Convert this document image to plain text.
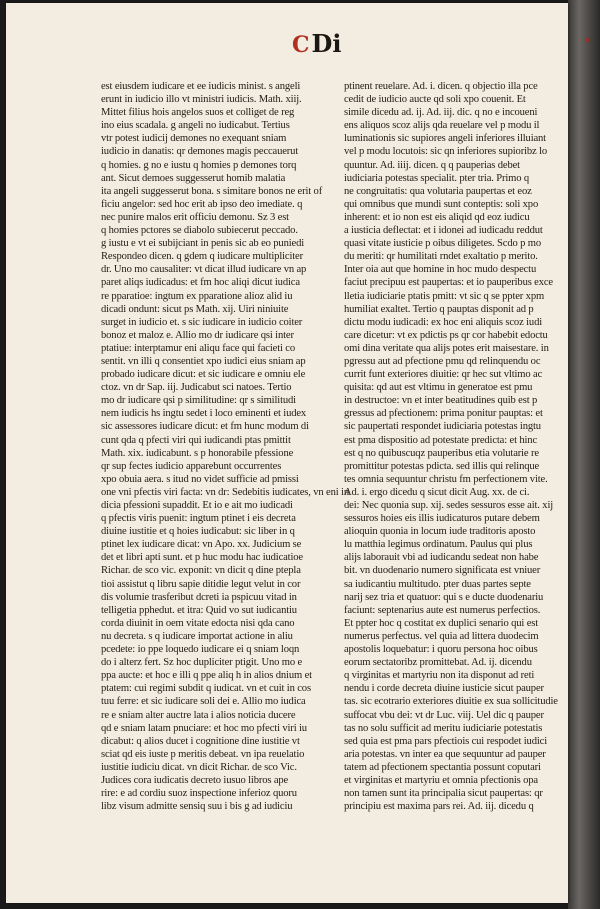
C Di
est eiusdem iudicare et ee iudicis minist. s angeli
erunt in iudicio illo vt ministri iudicis. Math. xiij.
Mittet filius hois angelos suos et colliget de reg
ino eius scadala. g angeli no iudicabut. Tertius
vtr potest iudicij demones no exequant sniam
iudicio in danatis: qr demones magis peccauerut
q homies. g no e iustu q homies p demones torq
ant. Sicut demoes suggesserut homib malatia
ita angeli suggesserut bona. s simitare bonos ne erit of
ficiu angelor: sed hoc erit ab ipso deo imediate. q
nec punire malos erit officiu demonu. Sz 3 est
q homies pctores se diabolo subiecerut peccado.
g iustu e vt ei subijciant in penis sic ab eo puniedi
Respondeo dicen. q gdem q iudicare multipliciter
dr. Uno mo causaliter: vt dicat illud iudicare vn ap
paret aliqs iudicadus: et fm hoc aliqi dicut iudica
re pparatioe: ingtum ex pparatione alioz alid iu
dicadi ondunt: sicut ps Math. xij. Uiri niniuite
surget in iudicio et. s sic iudicare in iudicio coiter
bonoz et maloz e. Allio mo dr iudicare qsi inter
ptatiue: interptamur eni aliqu face qui facieti co
sentit. vn illi q consentiet xpo iudici eius sniam ap
probado iudicare dicut: et sic iudicare e omniu ele
ctoz. vn dr Sap. iij. Judicabut sci natoes. Tertio
mo dr iudicare qsi p similitudine: qr s similitudi
nem iudicis hs ingtu sedet i loco eminenti et iudex
sic assessores iudicare dicut: et fm hunc modum di
cunt qda q pfecti viri qui iudicandi ptas pmittit
Math. xix. iudicabunt. s p honorabile pfessione
qr sup fectes iudicio apparebunt occurrentes
xpo obuia aera. s itud no videt sufficie ad pmissi
one vni pfectis viri facta: vn dr: Sedebitis iudicates, vn eni in
dicia pfessioni supaddit. Et io e ait mo iudicadi
q pfectis viris puenit: ingtum ptinet i eis decreta
diuine iustitie et q hoies iudicabut: sic liber in q
ptinet lex iudicare dicat: vn Apo. xx. Judicium se
det et libri apti sunt. et p huc modu hac iudicatioe
Richar. de sco vic. exponit: vn dicit q dine ptepla
tioi assistut q libru sapie ditidie legut velut in cor
dis volumie trasferibut dcreti ia pspicuu vitad in
telligetia pphedut. et itra: Quid vo sut iudicantiu
corda diuinit in oem vitate edocta nisi qda cano
nu decreta. s q iudicare importat actione in aliu
pcedete: io ppe loquedo iudicare ei q sniam loqn
do i alterz fert. Sz hoc dupliciter ptigit. Uno mo e
ppa aucte: et hoc e illi q ppe aliq h in alios dnium et
ptatem: cui regimi subdit q iudicat. vn et cuit in cos
tuu ferre: et sic iudicare soli dei e. Allio mo iudica
re e sniam alter auctre lata i alios noticia ducere
qd e sniam latam pnuciare: et hoc mo pfecti viri iu
dicabut: q alios ducet i cognitione dine iustitie vt
sciat qd eis iuste p meritis debeat. vn ipa reuelatio
iustitie iudiciu dicat. vn dicit Richar. de sco Vic.
Judices cora iudicatis decreto iusuo libros ape
rire: e ad cordiu suoz inspectione inferioz quoru
libz visum admitte sensiq suu i bis g ad iudiciu
ptinent reuelare. Ad. i. dicen. q objectio illa pce
cedit de iudicio aucte qd soli xpo couenit. Et
simile dicedu ad. ij. Ad. iij. dic. q no e incoueni
ens aliquos scoz alijs qda reuelare vel p modu il
luminationis sic supiores angeli inferiores illuiant
vel p modu locutois: sic qn inferiores supioribz lo
quuntur. Ad. iiij. dicen. q q pauperias debet
iudiciaria potestas specialit. pter tria. Primo q
ne congruitatis: qua volutaria paupertas et eoz
qui omnibus que mundi sunt conteptis: soli xpo
inherent: et io non est eis aliqid qd eoz iudicu
a iusticia deflectat: et i idonei ad iudicadu reddut
quasi vitate iusticie p oibus diligetes. Scdo p mo
du meriti: qr humilitati rndet exaltatio p merito.
Inter oia aut que homine in hoc mudo despectu
faciut precipuu est paupertas: et io pauperibus exce
lletia iudiciarie ptatis pmitt: vt sic q se ppter xpm
humiliat exaltet. Tertio q pauptas disponit ad p
dictu modu iudicadi: ex hoc eni aliquis scoz iudi
care dicetur: vt ex pdictis ps qr cor habebit edoctu
omi dina veritate qua alijs potes erit maisestare. in
pgressu aut ad pfectione pmu qd relinquendu oc
currit funt exteriores diuitie: qr hec sut vltimo ac
quisita: qd aut est vltimu in generatoe est pmu
in destructoe: vn et inter beatitudines quib est p
gressus ad pfectionem: prima ponitur pauptas: et
sic paupertati respondet iudiciaria potestas ingtu
est pma dispositio ad potestate predicta: et hinc
est q no quibuscuqz pauperibus etia volutarie re
promittitur potestas pdicta. sed illis qui relinque
tes omnia sequuntur christu fm perfectionem vite.
Ad. i. ergo dicedu q sicut dicit Aug. xx. de ci.
dei: Nec quonia sup. xij. sedes sessuros esse ait. xij
sessuros hoies eis illis iudicaturos putare debem
alioquin quonia in locum iude traditoris aposto
lu matthia legimus ordinatum. Paulus qui plus
alijs laborauit vbi ad iudicandu sedeat non habe
bit. vn duodenario numero significata est vniuer
sa iudicantiu multitudo. pter duas partes septe
narij sez tria et quatuor: qui s e ducte duodenariu
faciunt: septenarius aute est numerus perfectios.
Et ppter hoc q costitat ex duplici senario qui est
numerus perfectus. vel quia ad littera duodecim
apostolis loquebatur: i quoru persona hoc oibus
eorum sectatoribz promittebat. Ad. ij. dicendu
q virginitas et martyriu non ita disponut ad reti
nendu i corde decreta diuine iusticie sicut pauper
tas. sic ecotrario exteriores diuitie ex sua sollicitudie
suffocat vbu dei: vt dr Luc. viij. Uel dic q pauper
tas no solu sufficit ad meritu iudiciarie potestatis
sed quia est pma pars pfectiois cui respodet iudici
aria potestas. vn inter ea que sequuntur ad pauper
tatem ad pfectionem spectantia possunt coputari
et virginitas et martyriu et omnia pfectionis opa
non tamen sunt ita principalia sicut paupertas: qr
principiu est maxima pars rei. Ad. iij. dicedu q
